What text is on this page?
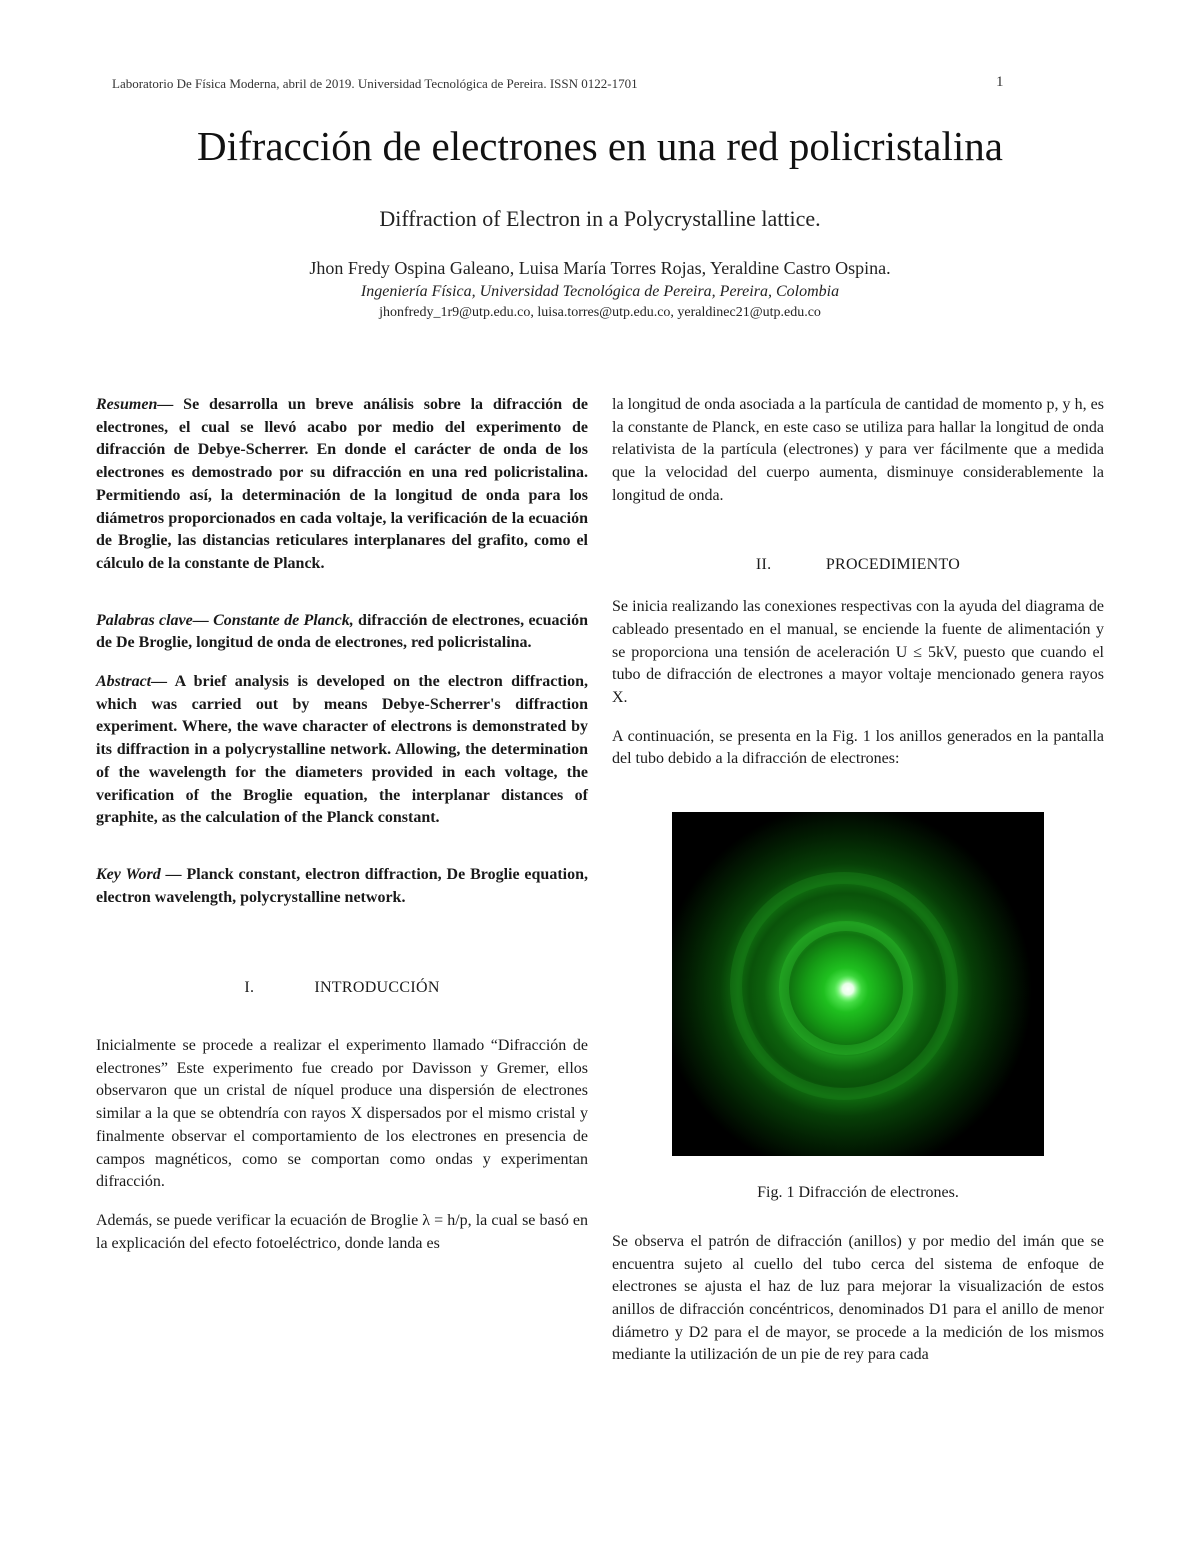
Laboratorio De Física Moderna, abril de 2019. Universidad Tecnológica de Pereira. ISSN 0122-1701	1
Difracción de electrones en una red policristalina
Diffraction of Electron in a Polycrystalline lattice.
Jhon Fredy Ospina Galeano, Luisa María Torres Rojas, Yeraldine Castro Ospina.
Ingeniería Física, Universidad Tecnológica de Pereira, Pereira, Colombia
jhonfredy_1r9@utp.edu.co, luisa.torres@utp.edu.co, yeraldinec21@utp.edu.co

Resumen— Se desarrolla un breve análisis sobre la difracción de electrones, el cual se llevó acabo por medio del experimento de difracción de Debye-Scherrer. En donde el carácter de onda de los electrones es demostrado por su difracción en una red policristalina. Permitiendo así, la determinación de la longitud de onda para los diámetros proporcionados en cada voltaje, la verificación de la ecuación de Broglie, las distancias reticulares interplanares del grafito, como el cálculo de la constante de Planck.

Palabras clave— Constante de Planck, difracción de electrones, ecuación de De Broglie, longitud de onda de electrones, red policristalina.

Abstract— A brief analysis is developed on the electron diffraction, which was carried out by means Debye-Scherrer's diffraction experiment. Where, the wave character of electrons is demonstrated by its diffraction in a polycrystalline network. Allowing, the determination of the wavelength for the diameters provided in each voltage, the verification of the Broglie equation, the interplanar distances of graphite, as the calculation of the Planck constant.

Key Word — Planck constant, electron diffraction, De Broglie equation, electron wavelength, polycrystalline network.

I.	INTRODUCCIÓN

Inicialmente se procede a realizar el experimento llamado “Difracción de electrones” Este experimento fue creado por Davisson y Gremer, ellos observaron que un cristal de níquel produce una dispersión de electrones similar a la que se obtendría con rayos X dispersados por el mismo cristal y finalmente observar el comportamiento de los electrones en presencia de campos magnéticos, como se comportan como ondas y experimentan difracción.

Además, se puede verificar la ecuación de Broglie λ = h/p, la cual se basó en la explicación del efecto fotoeléctrico, donde landa es

la longitud de onda asociada a la partícula de cantidad de momento p, y h, es la constante de Planck, en este caso se utiliza para hallar la longitud de onda relativista de la partícula (electrones) y para ver fácilmente que a medida que la velocidad del cuerpo aumenta, disminuye considerablemente la longitud de onda.

II.	PROCEDIMIENTO

Se inicia realizando las conexiones respectivas con la ayuda del diagrama de cableado presentado en el manual, se enciende la fuente de alimentación y se proporciona una tensión de aceleración U ≤ 5kV, puesto que cuando el tubo de difracción de electrones a mayor voltaje mencionado genera rayos X.

A continuación, se presenta en la Fig. 1 los anillos generados en la pantalla del tubo debido a la difracción de electrones:

Fig. 1 Difracción de electrones.

Se observa el patrón de difracción (anillos) y por medio del imán que se encuentra sujeto al cuello del tubo cerca del sistema de enfoque de electrones se ajusta el haz de luz para mejorar la visualización de estos anillos de difracción concéntricos, denominados D1 para el anillo de menor diámetro y D2 para el de mayor, se procede a la medición de los mismos mediante la utilización de un pie de rey para cada
